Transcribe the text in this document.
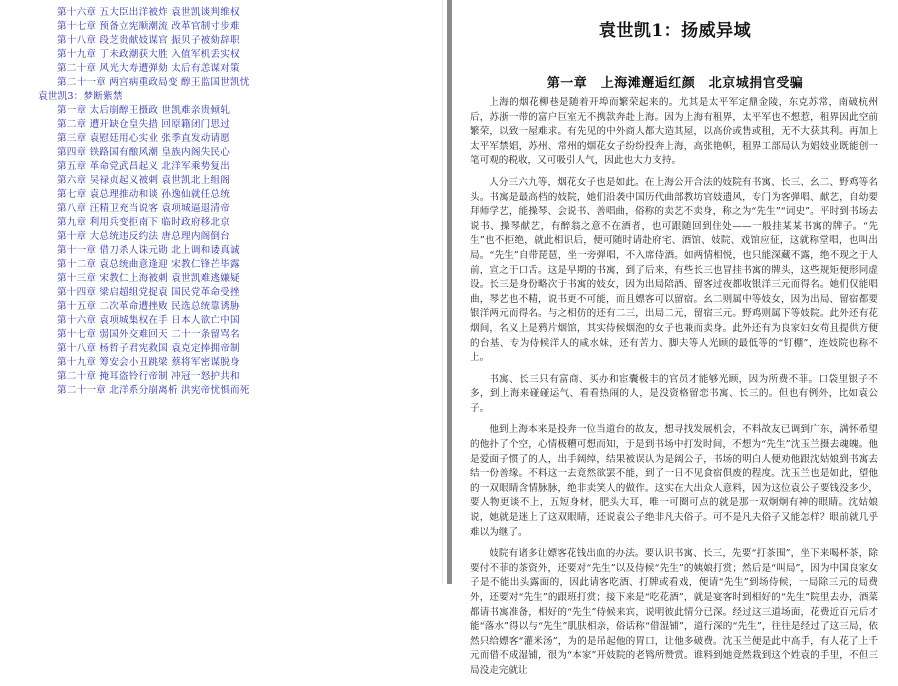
第十六章 五大臣出洋被炸 袁世凯谈判维权
第十七章 预备立宪顺潮流 改革官制寸步难
第十八章 段芝贵献妓谋官 振贝子被劾辞职
第十九章 丁未政潮获大胜 入值军机丢实权
第二十章 风光大寿遭弹劾 太后有恙谋对策
第二十一章 两宫病重政局变 醇王监国世凯忧
袁世凯3：梦断紫禁
第一章 太后崩醇王摄政 世凯难亲贵倾轧
第二章 遭开缺仓皇失措 回原籍闭门思过
第三章 袁慰廷用心实业 张季直发动请愿
第四章 铁路国有酿风潮 皇族内阁失民心
第五章 革命党武昌起义 北洋军乘势复出
第六章 吴禄贞起义被刺 袁世凯北上组阁
第七章 袁总理推动和谈 孙逸仙就任总统
第八章 汪精卫充当说客 袁项城逼退清帝
第九章 利用兵变拒南下 临时政府移北京
第十章 大总统违反约法 唐总理内阁倒台
第十一章 借刀杀人诛元勋 北上调和诿真诚
第十二章 袁总统曲意逢迎 宋教仁锋芒毕露
第十三章 宋教仁上海被刺 袁世凯难逃嫌疑
第十四章 梁启超组党捉袁 国民党革命受挫
第十五章 二次革命遭挫败 民选总统靠诱胁
第十六章 袁项城集权在手 日本人欲亡中国
第十七章 弱国外交难回天 二十一条留骂名
第十八章 杨哲子君宪救国 袁克定捧拥帝制
第十九章 筹安会小丑跳梁 蔡将军密谋脱身
第二十章 掩耳盗铃行帝制 冲冠一怒护共和
第二十一章 北洋系分崩离析 洪宪帝忧惧而死
袁世凯1：扬威异域
第一章　上海滩邂逅红颜　北京城捐官受骗

上海的烟花柳巷是随着开埠而繁荣起来的。尤其是太平军定鼎金陵，东克苏常，南破杭州后，苏浙一带的富户巨室无不携款奔赴上海。因为上海有租界，太平军也不想惹，租界因此空前繁荣，以致一屋难求。有先见的中外商人都大造其屋，以高价或售或租，无不大获其利。再加上太平军禁娼，苏州、常州的烟花女子纷纷投奔上海，高张艳帜，租界工部局认为娼妓业既能创一笔可观的税收，又可吸引人气，因此也大力支持。

人分三六九等，烟花女子也是如此。在上海公开合法的妓院有书寓、长三、幺二、野鸡等名头。书寓是最高档的妓院，她们沿袭中国历代曲部教坊官妓遗风，专门为客弹唱、献艺，自幼要拜师学艺，能操琴、会说书、善唱曲，俗称的卖艺不卖身，称之为“先生”“词史”。平时到书场去说书、操琴献艺，有醉翁之意不在酒者，也可跟随回到住处——一般挂某某书寓的牌子。“先生”也不拒绝，就此相识后，便可随时请赴府宅、酒馆、妓院、戏馆应征，这就称堂唱，也叫出局。“先生”自带琵琶，坐一旁弹唱，不入席侍酒。如两情相悦，也只能深藏不露，绝不现之于人前，宣之于口舌。这是早期的书寓，到了后来，有些长三也冒挂书寓的牌头，这些规矩便形同虚设。长三是身份略次于书寓的妓女，因为出局陪酒、留客过夜都收银洋三元而得名。她们仅能唱曲，琴艺也不精，说书更不可能，而且嫖客可以留宿。幺二则属中等妓女，因为出局、留宿都要银洋两元而得名。与之相仿的还有二三，出局二元，留宿三元。野鸡则属下等妓院。此外还有花烟间，名义上是鸦片烟馆，其实侍候烟泡的女子也兼而卖身。此外还有为良家妇女苟且提供方便的台基、专为侍候洋人的咸水妹，还有苦力、脚夫等人光顾的最低等的“钉棚”，连妓院也称不上。

书寓、长三只有富商、买办和宦囊极丰的官员才能够光顾，因为所费不菲。口袋里银子不多，到上海来碰碰运气、看看热闹的人，是没资格留恋书寓、长三的。但也有例外，比如袁公子。

他到上海本来是投奔一位当道台的故友，想寻找发展机会，不料故友已调到广东，满怀希望的他扑了个空，心情极糟可想而知，于是到书场中打发时间，不想为“先生”沈玉兰摄去魂魄。他是爱面子惯了的人，出手阔绰，结果被误认为是阔公子，书场的明白人便劝他跟沈姑娘到书寓去结一份善缘。不料这一去竟然欲罢不能，到了一日不见食宿俱废的程度。沈玉兰也是如此，望他的一双眼睛含情脉脉，绝非卖笑人的做作。这实在大出众人意料，因为这位袁公子要钱没多少，要人物更谈不上，五短身材，肥头大耳，唯一可圈可点的就是那一双炯炯有神的眼睛。沈姑娘说，她就是迷上了这双眼睛，还说袁公子绝非凡夫俗子。可不是凡夫俗子又能怎样？眼前就几乎难以为继了。

妓院有诸多让嫖客花钱出血的办法。要认识书寓、长三，先要“打茶围”，坐下来喝杯茶，除要付不菲的茶资外，还要对“先生”以及侍候“先生”的姨娘打赏；然后是“叫局”，因为中国良家女子是不能出头露面的，因此请客吃酒、打牌或看戏，便请“先生”到场侍候，一局除三元的局费外，还要对“先生”的跟班打赏；接下来是“吃花酒”，就是宴客时到相好的“先生”院里去办，酒菜都请书寓准备，相好的“先生”侍候来宾，说明彼此情分已深。经过这三道场面，花费近百元后才能“落水”得以与“先生”肌肤相亲，俗话称“借湿铺”，道行深的“先生”，往往是经过了这三局，依然只给嫖客“灌米汤”，为的是吊起他的胃口，让他多破费。沈玉兰便是此中高手，有人花了上千元而借不成湿铺，很为“本家”开妓院的老鸨所赞赏。谁料到她竟然栽到这个姓袁的手里，不但三局没走完就让
